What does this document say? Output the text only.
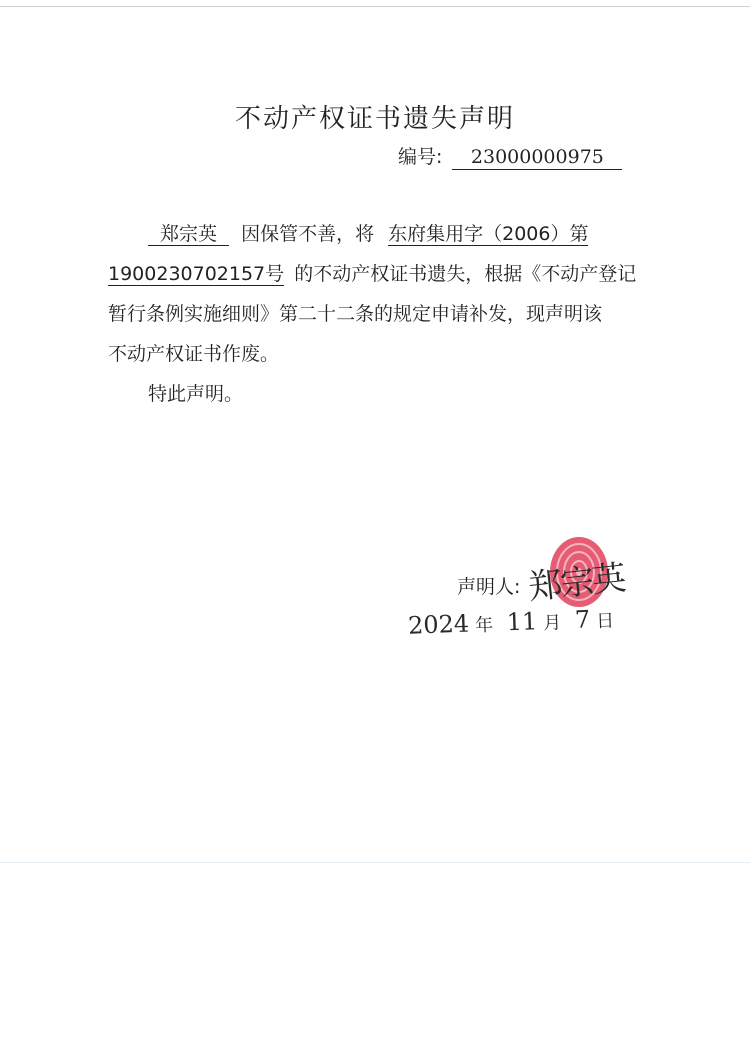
不动产权证书遗失声明
编号: 23000000975
郑宗英 因保管不善，将 东府集用字（2006）第
1900230702157号 的不动产权证书遗失，根据《不动产登记
暂行条例实施细则》第二十二条的规定申请补发，现声明该
不动产权证书作废。
特此声明。
声明人: 郑宗英
2024 年 11 月 7 日
